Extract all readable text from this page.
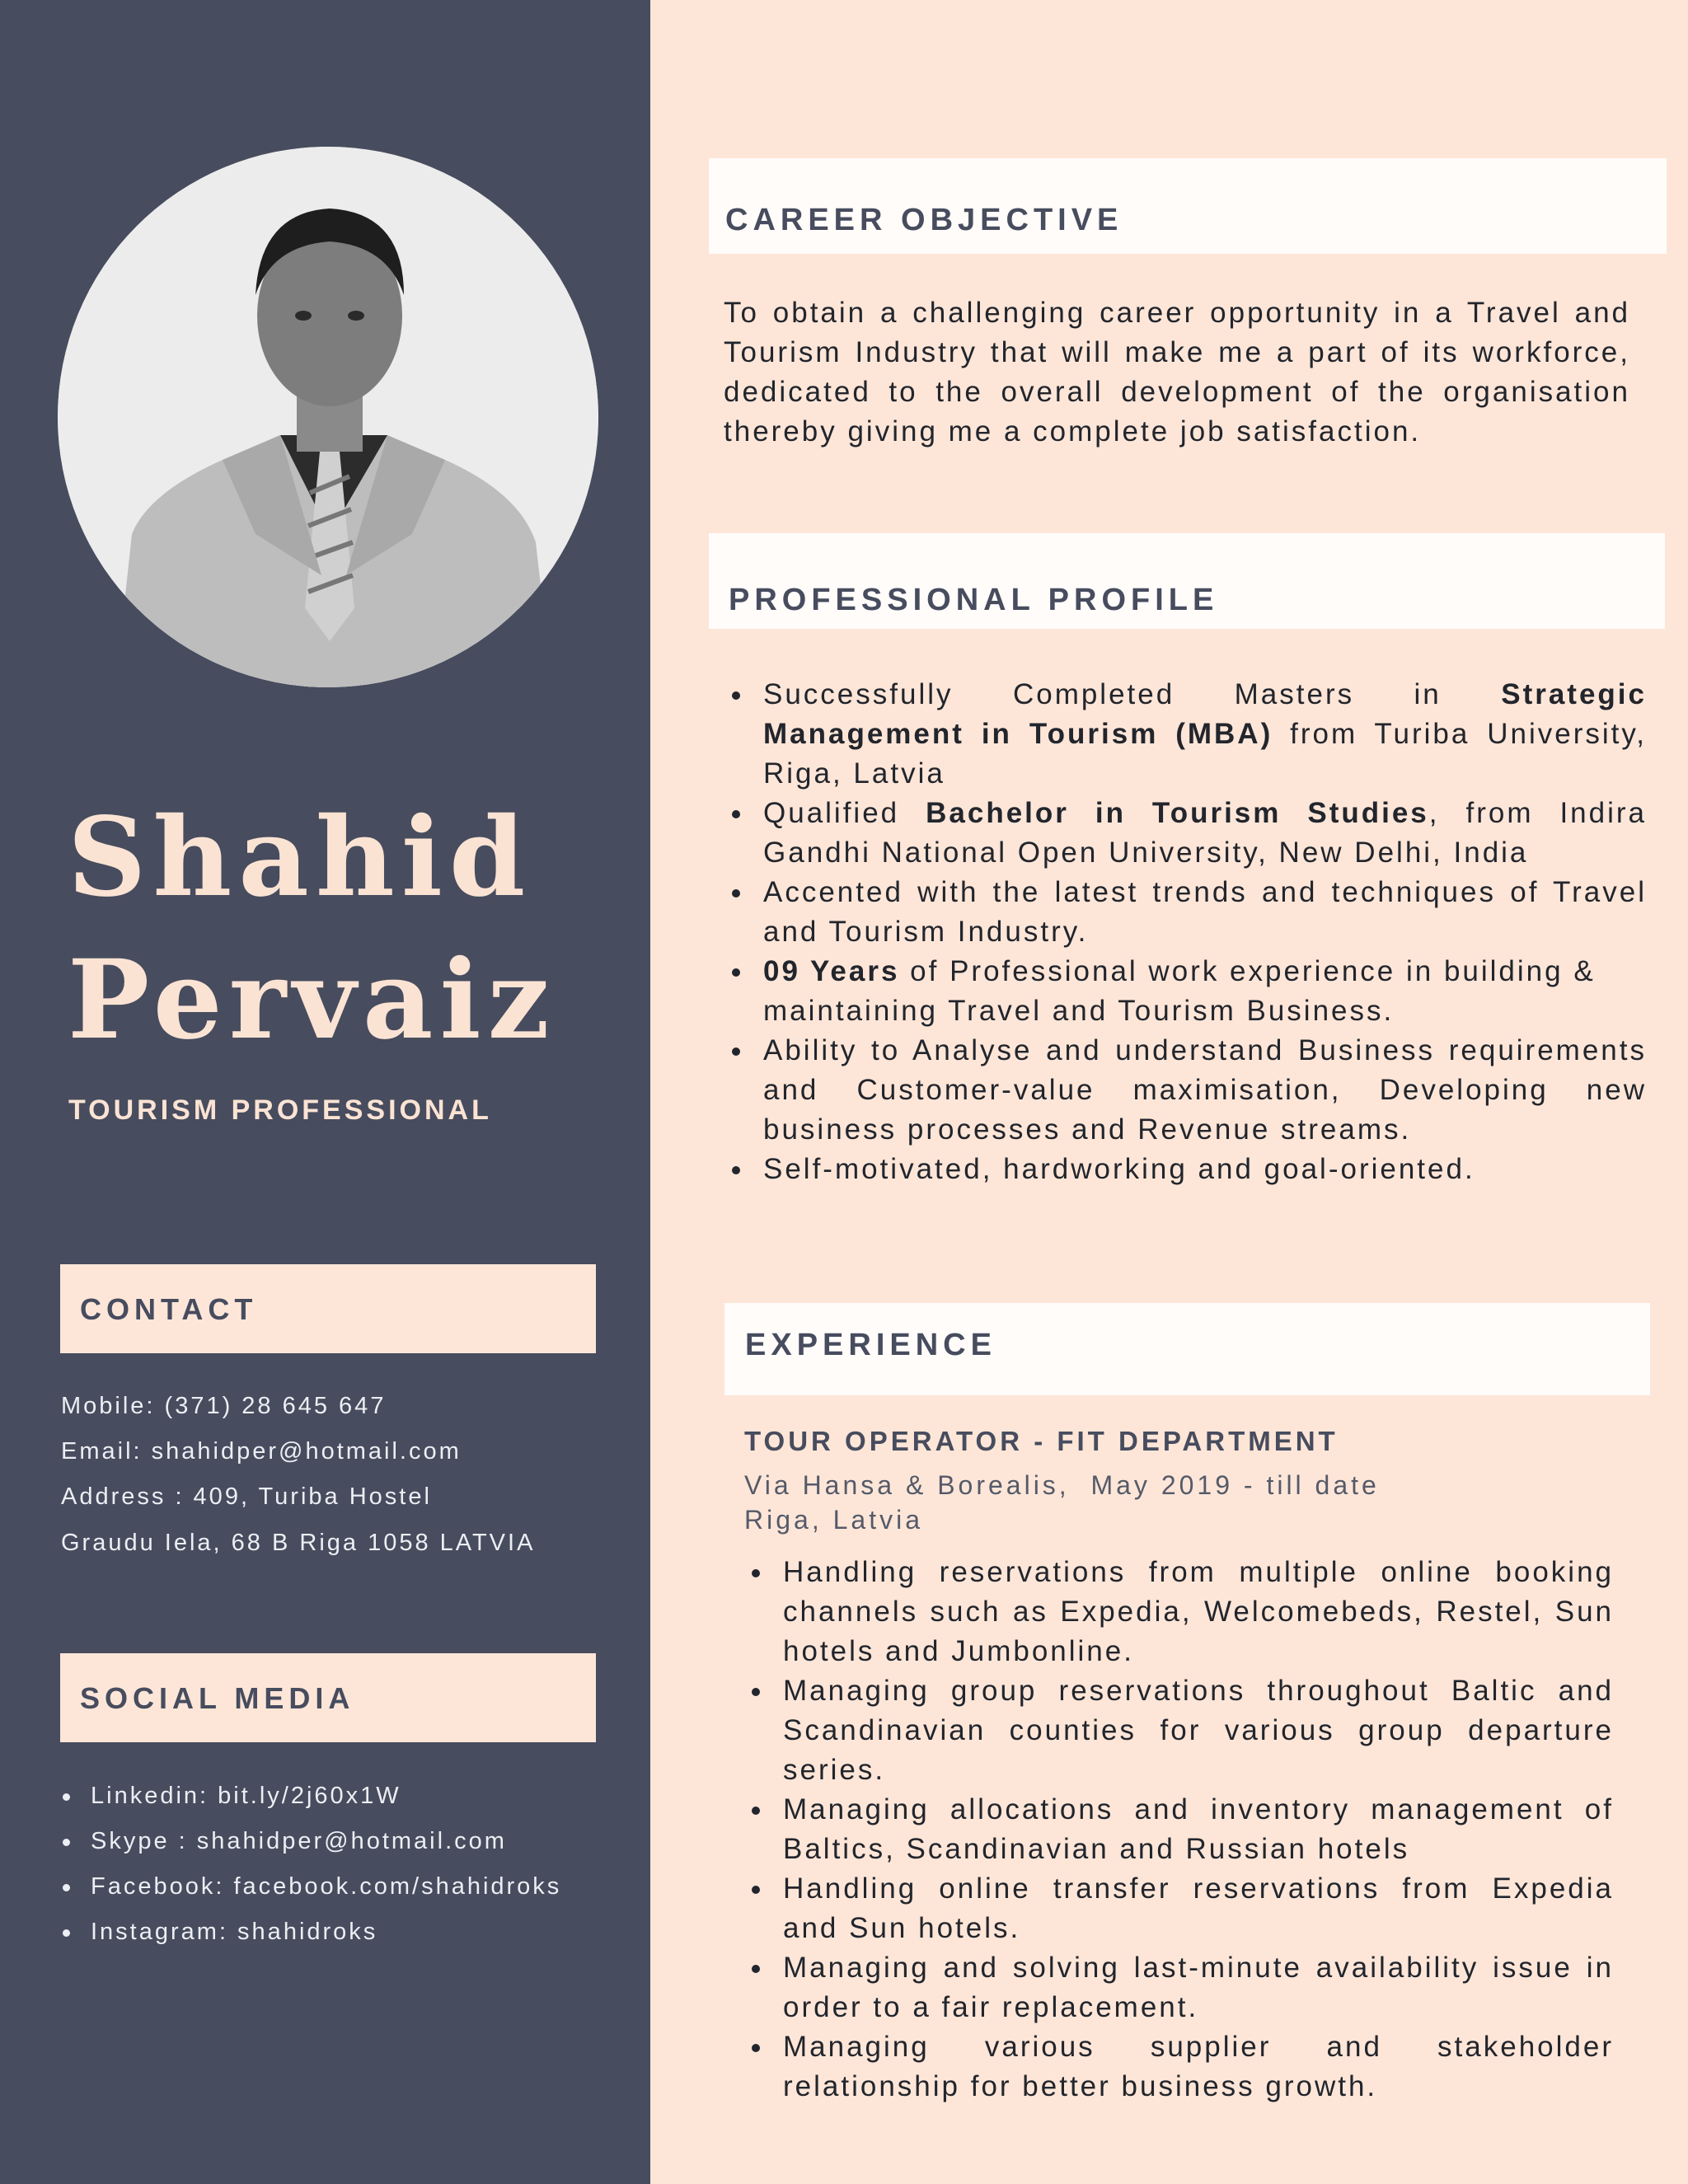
Shahid
Pervaiz
TOURISM PROFESSIONAL
CONTACT
Mobile: (371) 28 645 647
Email: shahidper@hotmail.com
Address : 409, Turiba Hostel
Graudu Iela, 68 B Riga 1058 LATVIA
SOCIAL MEDIA
Linkedin: bit.ly/2j60x1W
Skype : shahidper@hotmail.com
Facebook: facebook.com/shahidroks
Instagram: shahidroks
CAREER OBJECTIVE

To obtain a challenging career opportunity in a Travel and Tourism Industry that will make me a part of its workforce, dedicated to the overall development of the organisation thereby giving me a complete job satisfaction.

PROFESSIONAL PROFILE
Successfully Completed Masters in Strategic Management in Tourism (MBA) from Turiba University, Riga, Latvia
Qualified Bachelor in Tourism Studies, from Indira Gandhi National Open University, New Delhi, India
Accented with the latest trends and techniques of Travel and Tourism Industry.
09 Years of Professional work experience in building & maintaining Travel and Tourism Business.
Ability to Analyse and understand Business requirements and Customer-value maximisation, Developing new business processes and Revenue streams.
Self-motivated, hardworking and goal-oriented.
EXPERIENCE
TOUR OPERATOR - FIT DEPARTMENT
Via Hansa & Borealis,  May 2019 - till date
Riga, Latvia
Handling reservations from multiple online booking channels such as Expedia, Welcomebeds, Restel, Sun hotels and Jumbonline.
Managing group reservations throughout Baltic and Scandinavian counties for various group departure series.
Managing allocations and inventory management of Baltics, Scandinavian and Russian hotels
Handling online transfer reservations from Expedia and Sun hotels.
Managing and solving last-minute availability issue in order to a fair replacement.
Managing various supplier and stakeholder relationship for better business growth.
